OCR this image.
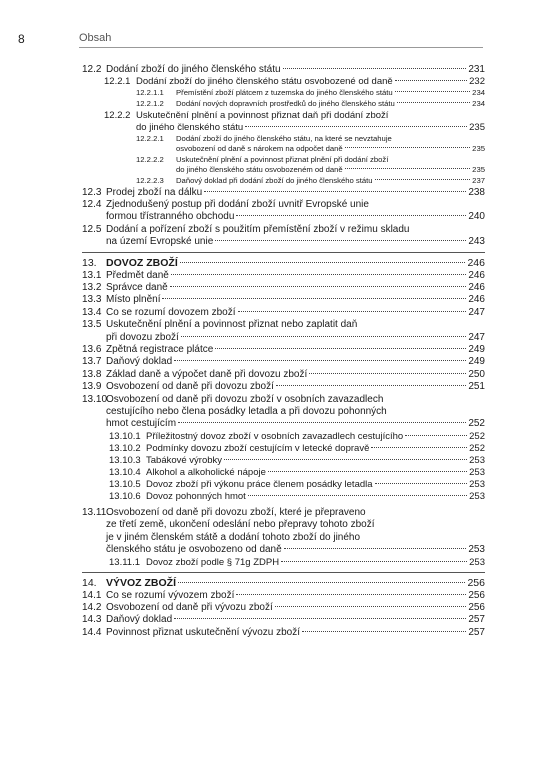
8	Obsah
12.2 Dodání zboží do jiného členského státu	231
12.2.1 Dodání zboží do jiného členského státu osvobozené od daně	232
12.2.1.1	Přemístění zboží plátcem z tuzemska do jiného členského státu	234
12.2.1.2	Dodání nových dopravních prostředků do jiného členského státu	234
12.2.2 Uskutečnění plnění a povinnost přiznat daň při dodání zboží
do jiného členského státu	235
12.2.2.1	Dodání zboží do jiného členského státu, na které se nevztahuje
osvobození od daně s nárokem na odpočet daně	235
12.2.2.2	Uskutečnění plnění a povinnost přiznat plnění při dodání zboží
do jiného členského státu osvobozeném od daně	235
12.2.2.3	Daňový doklad při dodání zboží do jiného členského státu	237
12.3 Prodej zboží na dálku	238
12.4 Zjednodušený postup při dodání zboží uvnitř Evropské unie
formou třístranného obchodu	240
12.5 Dodání a pořízení zboží s použitím přemístění zboží v režimu skladu
na území Evropské unie	243
13. DOVOZ ZBOŽÍ	246
13.1 Předmět daně	246
13.2 Správce daně	246
13.3 Místo plnění	246
13.4 Co se rozumí dovozem zboží	247
13.5 Uskutečnění plnění a povinnost přiznat nebo zaplatit daň
při dovozu zboží	247
13.6 Zpětná registrace plátce	249
13.7 Daňový doklad	249
13.8 Základ daně a výpočet daně při dovozu zboží	250
13.9 Osvobození od daně při dovozu zboží	251
13.10
Osvobození od daně při dovozu zboží v osobních zavazadlech
cestujícího nebo člena posádky letadla a při dovozu pohonných
hmot cestujícím	252
13.10.1 Příležitostný dovoz zboží v osobních zavazadlech cestujícího	252
13.10.2 Podmínky dovozu zboží cestujícím v letecké dopravě	252
13.10.3 Tabákové výrobky	253
13.10.4 Alkohol a alkoholické nápoje	253
13.10.5 Dovoz zboží při výkonu práce členem posádky letadla	253
13.10.6 Dovoz pohonných hmot	253
13.11 Osvobození od daně při dovozu zboží, které je přepraveno
ze třetí země, ukončení odeslání nebo přepravy tohoto zboží
je v jiném členském státě a dodání tohoto zboží do jiného
členského státu je osvobozeno od daně	253
13.11.1 Dovoz zboží podle § 71g ZDPH	253
14. VÝVOZ ZBOŽÍ	256
14.1 Co se rozumí vývozem zboží	256
14.2 Osvobození od daně při vývozu zboží	256
14.3 Daňový doklad	257
14.4 Povinnost přiznat uskutečnění vývozu zboží	257
